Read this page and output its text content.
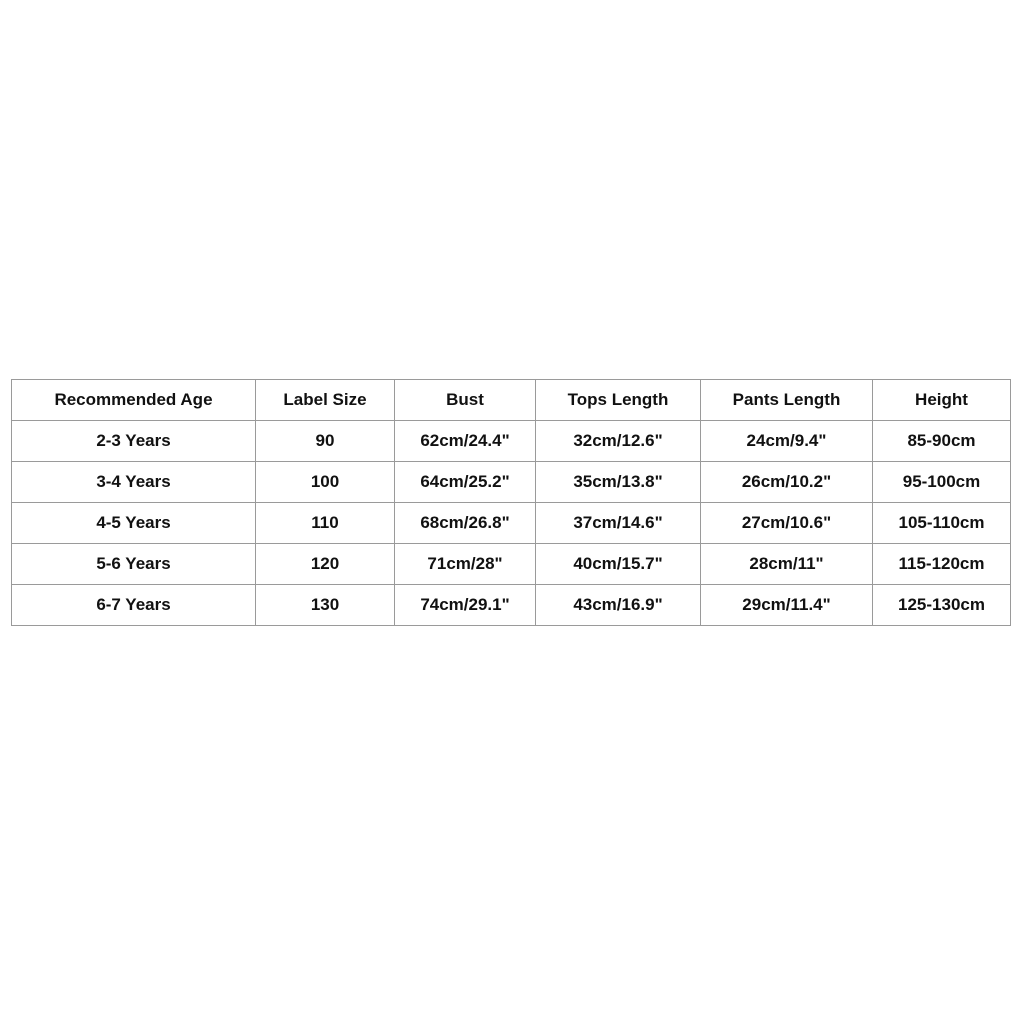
Recommended Age	Label Size	Bust	Tops Length	Pants Length	Height
2-3 Years	90	62cm/24.4"	32cm/12.6"	24cm/9.4"	85-90cm
3-4 Years	100	64cm/25.2"	35cm/13.8"	26cm/10.2"	95-100cm
4-5 Years	110	68cm/26.8"	37cm/14.6"	27cm/10.6"	105-110cm
5-6 Years	120	71cm/28"	40cm/15.7"	28cm/11"	115-120cm
6-7 Years	130	74cm/29.1"	43cm/16.9"	29cm/11.4"	125-130cm
